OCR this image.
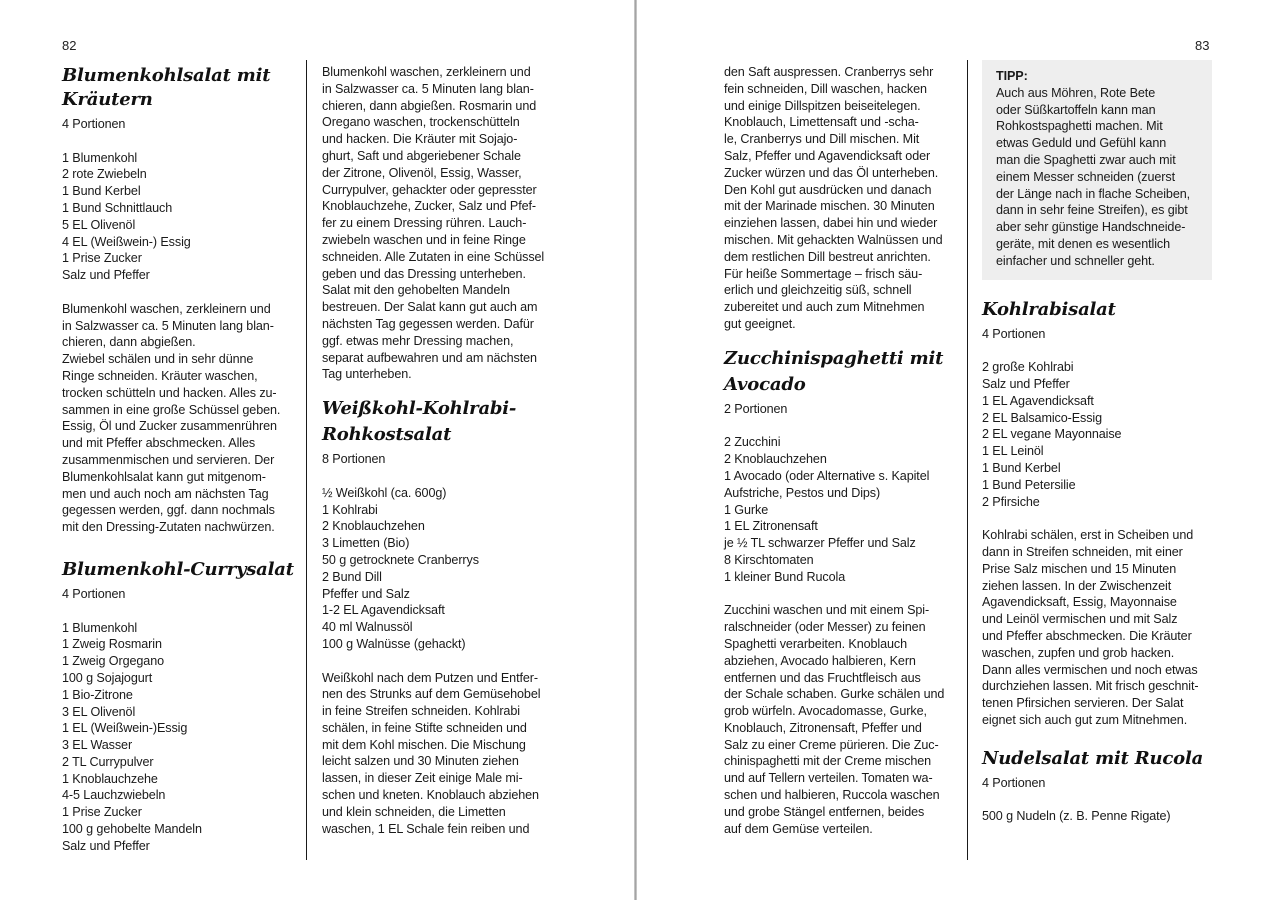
82
Blumenkohlsalat mit Kräutern

4 Portionen

1 Blumenkohl
2 rote Zwiebeln
1 Bund Kerbel
1 Bund Schnittlauch
5 EL Olivenöl
4 EL (Weißwein-) Essig
1 Prise Zucker
Salz und Pfeffer

Blumenkohl waschen, zerkleinern und

in Salzwasser ca. 5 Minuten lang blan-

chieren, dann abgießen.

Zwiebel schälen und in sehr dünne

Ringe schneiden. Kräuter waschen,

trocken schütteln und hacken. Alles zu-

sammen in eine große Schüssel geben.

Essig, Öl und Zucker zusammenrühren

und mit Pfeffer abschmecken. Alles

zusammenmischen und servieren. Der

Blumenkohlsalat kann gut mitgenom-

men und auch noch am nächsten Tag

gegessen werden, ggf. dann nochmals

mit den Dressing-Zutaten nachwürzen.

Blumenkohl-Currysalat

4 Portionen

1 Blumenkohl
1 Zweig Rosmarin
1 Zweig Orgegano
100 g Sojajogurt
1 Bio-Zitrone
3 EL Olivenöl
1 EL (Weißwein-)Essig
3 EL Wasser
2 TL Currypulver
1 Knoblauchzehe
4-5 Lauchzwiebeln
1 Prise Zucker
100 g gehobelte Mandeln
Salz und Pfeffer

Blumenkohl waschen, zerkleinern und

in Salzwasser ca. 5 Minuten lang blan-

chieren, dann abgießen. Rosmarin und

Oregano waschen, trockenschütteln

und hacken. Die Kräuter mit Sojajo-

ghurt, Saft und abgeriebener Schale

der Zitrone, Olivenöl, Essig, Wasser,

Currypulver, gehackter oder gepresster

Knoblauchzehe, Zucker, Salz und Pfef-

fer zu einem Dressing rühren. Lauch-

zwiebeln waschen und in feine Ringe

schneiden. Alle Zutaten in eine Schüssel

geben und das Dressing unterheben.

Salat mit den gehobelten Mandeln

bestreuen. Der Salat kann gut auch am

nächsten Tag gegessen werden. Dafür

ggf. etwas mehr Dressing machen,

separat aufbewahren und am nächsten

Tag unterheben.

Weißkohl-Kohlrabi-
Rohkostsalat

8 Portionen

½ Weißkohl (ca. 600g)
1 Kohlrabi
2 Knoblauchzehen
3 Limetten (Bio)
50 g getrocknete Cranberrys
2 Bund Dill
Pfeffer und Salz
1-2 EL Agavendicksaft
40 ml Walnussöl
100 g Walnüsse (gehackt)

Weißkohl nach dem Putzen und Entfer-

nen des Strunks auf dem Gemüsehobel

in feine Streifen schneiden. Kohlrabi

schälen, in feine Stifte schneiden und

mit dem Kohl mischen. Die Mischung

leicht salzen und 30 Minuten ziehen

lassen, in dieser Zeit einige Male mi-

schen und kneten. Knoblauch abziehen

und klein schneiden, die Limetten

waschen, 1 EL Schale fein reiben und

83

den Saft auspressen. Cranberrys sehr

fein schneiden, Dill waschen, hacken

und einige Dillspitzen beiseitelegen.

Knoblauch, Limettensaft und -scha-

le, Cranberrys und Dill mischen. Mit

Salz, Pfeffer und Agavendicksaft oder

Zucker würzen und das Öl unterheben.

Den Kohl gut ausdrücken und danach

mit der Marinade mischen. 30 Minuten

einziehen lassen, dabei hin und wieder

mischen. Mit gehackten Walnüssen und

dem restlichen Dill bestreut anrichten.

Für heiße Sommertage – frisch säu-

erlich und gleichzeitig süß, schnell

zubereitet und auch zum Mitnehmen

gut geeignet.

Zucchinispaghetti mit
Avocado

2 Portionen

2 Zucchini
2 Knoblauchzehen
1 Avocado (oder Alternative s. Kapitel
Aufstriche, Pestos und Dips)
1 Gurke
1 EL Zitronensaft
je ½ TL schwarzer Pfeffer und Salz
8 Kirschtomaten
1 kleiner Bund Rucola

Zucchini waschen und mit einem Spi-

ralschneider (oder Messer) zu feinen

Spaghetti verarbeiten. Knoblauch

abziehen, Avocado halbieren, Kern

entfernen und das Fruchtfleisch aus

der Schale schaben. Gurke schälen und

grob würfeln. Avocadomasse, Gurke,

Knoblauch, Zitronensaft, Pfeffer und

Salz zu einer Creme pürieren. Die Zuc-

chinispaghetti mit der Creme mischen

und auf Tellern verteilen. Tomaten wa-

schen und halbieren, Ruccola waschen

und grobe Stängel entfernen, beides

auf dem Gemüse verteilen.

TIPP:

Auch aus Möhren, Rote Bete

oder Süßkartoffeln kann man

Rohkostspaghetti machen. Mit

etwas Geduld und Gefühl kann

man die Spaghetti zwar auch mit

einem Messer schneiden (zuerst

der Länge nach in flache Scheiben,

dann in sehr feine Streifen), es gibt

aber sehr günstige Handschneide-

geräte, mit denen es wesentlich

einfacher und schneller geht.

Kohlrabisalat

4 Portionen

2 große Kohlrabi
Salz und Pfeffer
1 EL Agavendicksaft
2 EL Balsamico-Essig
2 EL vegane Mayonnaise
1 EL Leinöl
1 Bund Kerbel
1 Bund Petersilie
2 Pfirsiche

Kohlrabi schälen, erst in Scheiben und

dann in Streifen schneiden, mit einer

Prise Salz mischen und 15 Minuten

ziehen lassen. In der Zwischenzeit

Agavendicksaft, Essig, Mayonnaise

und Leinöl vermischen und mit Salz

und Pfeffer abschmecken. Die Kräuter

waschen, zupfen und grob hacken.

Dann alles vermischen und noch etwas

durchziehen lassen. Mit frisch geschnit-

tenen Pfirsichen servieren. Der Salat

eignet sich auch gut zum Mitnehmen.

Nudelsalat mit Rucola

4 Portionen

500 g Nudeln (z. B. Penne Rigate)
